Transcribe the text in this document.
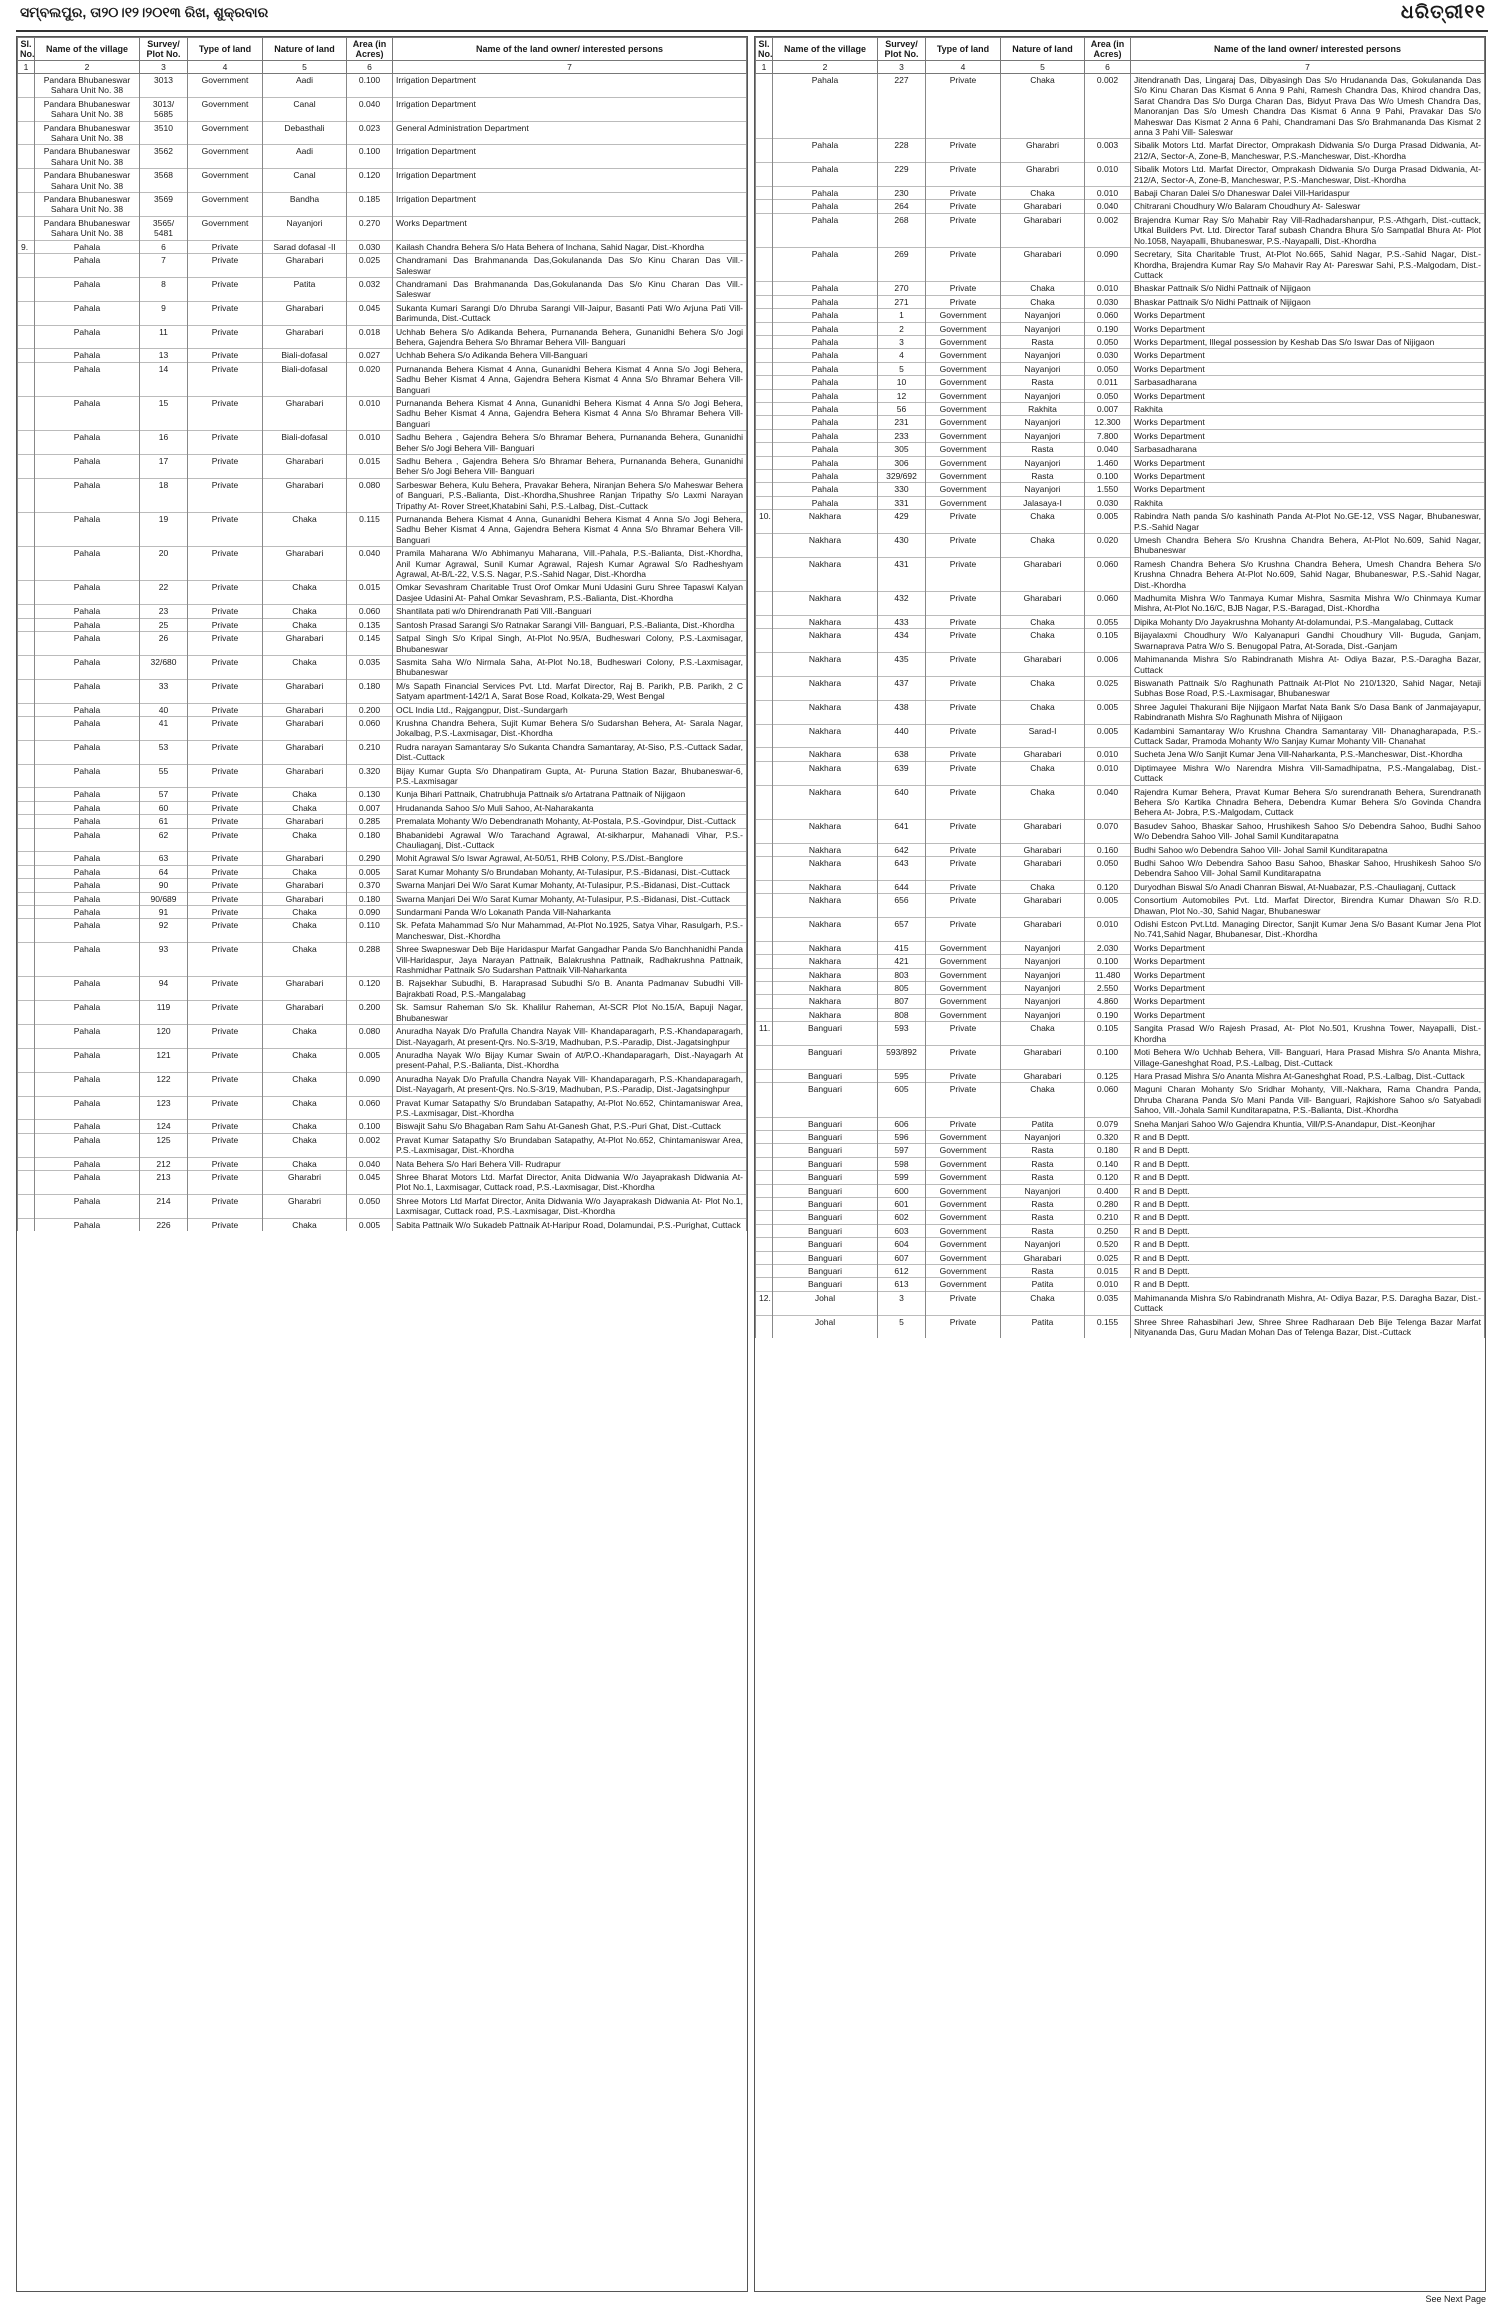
ସମ୍ବଲପୁର, ତା୨୦।୧୨।୨୦୧୩ ରିଖ, ଶୁକ୍ରବାର	ଧରିତ୍ରୀ୧୧
Sl. No.	Name of the village	Survey/ Plot No.	Type of land	Nature of land	Area (in Acres)	Name of the land owner/ interested persons
1	2	3	4	5	6	7
	Pandara Bhubaneswar Sahara Unit No. 38	3013	Government	Aadi	0.100	Irrigation Department
	Pandara Bhubaneswar Sahara Unit No. 38	3013/ 5685	Government	Canal	0.040	Irrigation Department
	Pandara Bhubaneswar Sahara Unit No. 38	3510	Government	Debasthali	0.023	General Administration Department
	Pandara Bhubaneswar Sahara Unit No. 38	3562	Government	Aadi	0.100	Irrigation Department
	Pandara Bhubaneswar Sahara Unit No. 38	3568	Government	Canal	0.120	Irrigation Department
	Pandara Bhubaneswar Sahara Unit No. 38	3569	Government	Bandha	0.185	Irrigation Department
	Pandara Bhubaneswar Sahara Unit No. 38	3565/ 5481	Government	Nayanjori	0.270	Works Department
9.	Pahala	6	Private	Sarad dofasal -II	0.030	Kailash Chandra Behera S/o Hata Behera of Inchana, Sahid Nagar, Dist.-Khordha
	Pahala	7	Private	Gharabari	0.025	Chandramani Das Brahmananda Das,Gokulananda Das S/o Kinu Charan Das Vill.-Saleswar
	Pahala	8	Private	Patita	0.032	Chandramani Das Brahmananda Das,Gokulananda Das S/o Kinu Charan Das Vill.-Saleswar
	Pahala	9	Private	Gharabari	0.045	Sukanta Kumari Sarangi D/o Dhruba Sarangi Vill-Jaipur, Basanti Pati W/o Arjuna Pati Vill-Barimunda, Dist.-Cuttack
	Pahala	11	Private	Gharabari	0.018	Uchhab Behera S/o Adikanda Behera, Purnananda Behera, Gunanidhi Behera S/o Jogi Behera, Gajendra Behera S/o Bhramar Behera Vill- Banguari
	Pahala	13	Private	Biali-dofasal	0.027	Uchhab Behera S/o Adikanda Behera Vill-Banguari
	Pahala	14	Private	Biali-dofasal	0.020	Purnananda Behera Kismat 4 Anna, Gunanidhi Behera Kismat 4 Anna S/o Jogi Behera, Sadhu Beher Kismat 4 Anna, Gajendra Behera Kismat 4 Anna S/o Bhramar Behera Vill- Banguari
	Pahala	15	Private	Gharabari	0.010	Purnananda Behera Kismat 4 Anna, Gunanidhi Behera Kismat 4 Anna S/o Jogi Behera, Sadhu Beher Kismat 4 Anna, Gajendra Behera Kismat 4 Anna S/o Bhramar Behera Vill- Banguari
	Pahala	16	Private	Biali-dofasal	0.010	Sadhu Behera , Gajendra Behera S/o Bhramar Behera, Purnananda Behera, Gunanidhi Beher S/o Jogi Behera Vill- Banguari
	Pahala	17	Private	Gharabari	0.015	Sadhu Behera , Gajendra Behera S/o Bhramar Behera, Purnananda Behera, Gunanidhi Beher S/o Jogi Behera Vill- Banguari
	Pahala	18	Private	Gharabari	0.080	Sarbeswar Behera, Kulu Behera, Pravakar Behera, Niranjan Behera S/o Maheswar Behera of Banguari, P.S.-Balianta, Dist.-Khordha,Shushree Ranjan Tripathy S/o Laxmi Narayan Tripathy At- Rover Street,Khatabini Sahi, P.S.-Lalbag, Dist.-Cuttack
	Pahala	19	Private	Chaka	0.115	Purnananda Behera Kismat 4 Anna, Gunanidhi Behera Kismat 4 Anna S/o Jogi Behera, Sadhu Beher Kismat 4 Anna, Gajendra Behera Kismat 4 Anna S/o Bhramar Behera Vill- Banguari
	Pahala	20	Private	Gharabari	0.040	Pramila Maharana W/o Abhimanyu Maharana, Vill.-Pahala, P.S.-Balianta, Dist.-Khordha, Anil Kumar Agrawal, Sunil Kumar Agrawal, Rajesh Kumar Agrawal S/o Radheshyam Agrawal, At-B/L-22, V.S.S. Nagar, P.S.-Sahid Nagar, Dist.-Khordha
	Pahala	22	Private	Chaka	0.015	Omkar Sevashram Charitable Trust Orof Omkar Muni Udasini Guru Shree Tapaswi Kalyan Dasjee Udasini At- Pahal Omkar Sevashram, P.S.-Balianta, Dist.-Khordha
	Pahala	23	Private	Chaka	0.060	Shantilata pati w/o Dhirendranath Pati Vill.-Banguari
	Pahala	25	Private	Chaka	0.135	Santosh Prasad Sarangi S/o Ratnakar Sarangi Vill- Banguari, P.S.-Balianta, Dist.-Khordha
	Pahala	26	Private	Gharabari	0.145	Satpal Singh S/o Kripal Singh, At-Plot No.95/A, Budheswari Colony, P.S.-Laxmisagar, Bhubaneswar
	Pahala	32/680	Private	Chaka	0.035	Sasmita Saha W/o Nirmala Saha, At-Plot No.18, Budheswari Colony, P.S.-Laxmisagar, Bhubaneswar
	Pahala	33	Private	Gharabari	0.180	M/s Sapath Financial Services Pvt. Ltd. Marfat Director, Raj B. Parikh, P.B. Parikh, 2 C Satyam apartment-142/1 A, Sarat Bose Road, Kolkata-29, West Bengal
	Pahala	40	Private	Gharabari	0.200	OCL India Ltd., Rajgangpur, Dist.-Sundargarh
	Pahala	41	Private	Gharabari	0.060	Krushna Chandra Behera, Sujit Kumar Behera S/o Sudarshan Behera, At- Sarala Nagar, Jokalbag, P.S.-Laxmisagar, Dist.-Khordha
	Pahala	53	Private	Gharabari	0.210	Rudra narayan Samantaray S/o Sukanta Chandra Samantaray, At-Siso, P.S.-Cuttack Sadar, Dist.-Cuttack
	Pahala	55	Private	Gharabari	0.320	Bijay Kumar Gupta S/o Dhanpatiram Gupta, At- Puruna Station Bazar, Bhubaneswar-6, P.S.-Laxmisagar
	Pahala	57	Private	Chaka	0.130	Kunja Bihari Pattnaik, Chatrubhuja Pattnaik s/o Artatrana Pattnaik of Nijigaon
	Pahala	60	Private	Chaka	0.007	Hrudananda Sahoo S/o Muli Sahoo, At-Naharakanta
	Pahala	61	Private	Gharabari	0.285	Premalata Mohanty W/o Debendranath Mohanty, At-Postala, P.S.-Govindpur, Dist.-Cuttack
	Pahala	62	Private	Chaka	0.180	Bhabanidebi Agrawal W/o Tarachand Agrawal, At-sikharpur, Mahanadi Vihar, P.S.-Chauliaganj, Dist.-Cuttack
	Pahala	63	Private	Gharabari	0.290	Mohit Agrawal S/o Iswar Agrawal, At-50/51, RHB Colony, P.S./Dist.-Banglore
	Pahala	64	Private	Chaka	0.005	Sarat Kumar Mohanty S/o Brundaban Mohanty, At-Tulasipur, P.S.-Bidanasi, Dist.-Cuttack
	Pahala	90	Private	Gharabari	0.370	Swarna Manjari Dei W/o Sarat Kumar Mohanty, At-Tulasipur, P.S.-Bidanasi, Dist.-Cuttack
	Pahala	90/689	Private	Gharabari	0.180	Swarna Manjari Dei W/o Sarat Kumar Mohanty, At-Tulasipur, P.S.-Bidanasi, Dist.-Cuttack
	Pahala	91	Private	Chaka	0.090	Sundarmani Panda W/o Lokanath Panda Vill-Naharkanta
	Pahala	92	Private	Chaka	0.110	Sk. Pefata Mahammad S/o Nur Mahammad, At-Plot No.1925, Satya Vihar, Rasulgarh, P.S.-Mancheswar, Dist.-Khordha
	Pahala	93	Private	Chaka	0.288	Shree Swapneswar Deb Bije Haridaspur Marfat Gangadhar Panda S/o Banchhanidhi Panda Vill-Haridaspur, Jaya Narayan Pattnaik, Balakrushna Pattnaik, Radhakrushna Pattnaik, Rashmidhar Pattnaik S/o Sudarshan Pattnaik Vill-Naharkanta
	Pahala	94	Private	Gharabari	0.120	B. Rajsekhar Subudhi, B. Haraprasad Subudhi S/o B. Ananta Padmanav Subudhi Vill-Bajrakbati Road, P.S.-Mangalabag
	Pahala	119	Private	Gharabari	0.200	Sk. Samsur Raheman S/o Sk. Khalilur Raheman, At-SCR Plot No.15/A, Bapuji Nagar, Bhubaneswar
	Pahala	120	Private	Chaka	0.080	Anuradha Nayak D/o Prafulla Chandra Nayak Vill- Khandaparagarh, P.S.-Khandaparagarh, Dist.-Nayagarh, At present-Qrs. No.S-3/19, Madhuban, P.S.-Paradip, Dist.-Jagatsinghpur
	Pahala	121	Private	Chaka	0.005	Anuradha Nayak W/o Bijay Kumar Swain of At/P.O.-Khandaparagarh, Dist.-Nayagarh At present-Pahal, P.S.-Balianta, Dist.-Khordha
	Pahala	122	Private	Chaka	0.090	Anuradha Nayak D/o Prafulla Chandra Nayak Vill- Khandaparagarh, P.S.-Khandaparagarh, Dist.-Nayagarh, At present-Qrs. No.S-3/19, Madhuban, P.S.-Paradip, Dist.-Jagatsinghpur
	Pahala	123	Private	Chaka	0.060	Pravat Kumar Satapathy S/o Brundaban Satapathy, At-Plot No.652, Chintamaniswar Area, P.S.-Laxmisagar, Dist.-Khordha
	Pahala	124	Private	Chaka	0.100	Biswajit Sahu S/o Bhagaban Ram Sahu At-Ganesh Ghat, P.S.-Puri Ghat, Dist.-Cuttack
	Pahala	125	Private	Chaka	0.002	Pravat Kumar Satapathy S/o Brundaban Satapathy, At-Plot No.652, Chintamaniswar Area, P.S.-Laxmisagar, Dist.-Khordha
	Pahala	212	Private	Chaka	0.040	Nata Behera S/o Hari Behera Vill- Rudrapur
	Pahala	213	Private	Gharabri	0.045	Shree Bharat Motors Ltd. Marfat Director, Anita Didwania W/o Jayaprakash Didwania At- Plot No.1, Laxmisagar, Cuttack road, P.S.-Laxmisagar, Dist.-Khordha
	Pahala	214	Private	Gharabri	0.050	Shree Motors Ltd Marfat Director, Anita Didwania W/o Jayaprakash Didwania At- Plot No.1, Laxmisagar, Cuttack road, P.S.-Laxmisagar, Dist.-Khordha
	Pahala	226	Private	Chaka	0.005	Sabita Pattnaik W/o Sukadeb Pattnaik At-Haripur Road, Dolamundai, P.S.-Purighat, Cuttack
Sl. No.	Name of the village	Survey/ Plot No.	Type of land	Nature of land	Area (in Acres)	Name of the land owner/ interested persons
1	2	3	4	5	6	7
	Pahala	227	Private	Chaka	0.002	Jitendranath Das, Lingaraj Das, Dibyasingh Das S/o Hrudananda Das, Gokulananda Das S/o Kinu Charan Das Kismat 6 Anna 9 Pahi, Ramesh Chandra Das, Khirod chandra Das, Sarat Chandra Das S/o Durga Charan Das, Bidyut Prava Das W/o Umesh Chandra Das, Manoranjan Das S/o Umesh Chandra Das Kismat 6 Anna 9 Pahi, Pravakar Das S/o Maheswar Das Kismat 2 Anna 6 Pahi, Chandramani Das S/o Brahmananda Das Kismat 2 anna 3 Pahi Vill- Saleswar
	Pahala	228	Private	Gharabri	0.003	Sibalik Motors Ltd. Marfat Director, Omprakash Didwania S/o Durga Prasad Didwania, At-212/A, Sector-A, Zone-B, Mancheswar, P.S.-Mancheswar, Dist.-Khordha
	Pahala	229	Private	Gharabri	0.010	Sibalik Motors Ltd. Marfat Director, Omprakash Didwania S/o Durga Prasad Didwania, At-212/A, Sector-A, Zone-B, Mancheswar, P.S.-Mancheswar, Dist.-Khordha
	Pahala	230	Private	Chaka	0.010	Babaji Charan Dalei S/o Dhaneswar Dalei Vill-Haridaspur
	Pahala	264	Private	Gharabari	0.040	Chitrarani Choudhury W/o Balaram Choudhury At- Saleswar
	Pahala	268	Private	Gharabari	0.002	Brajendra Kumar Ray S/o Mahabir Ray Vill-Radhadarshanpur, P.S.-Athgarh, Dist.-cuttack, Utkal Builders Pvt. Ltd. Director Taraf subash Chandra Bhura S/o Sampatlal Bhura At- Plot No.1058, Nayapalli, Bhubaneswar, P.S.-Nayapalli, Dist.-Khordha
	Pahala	269	Private	Gharabari	0.090	Secretary, Sita Charitable Trust, At-Plot No.665, Sahid Nagar, P.S.-Sahid Nagar, Dist.-Khordha, Brajendra Kumar Ray S/o Mahavir Ray At- Pareswar Sahi, P.S.-Malgodam, Dist.-Cuttack
	Pahala	270	Private	Chaka	0.010	Bhaskar Pattnaik S/o Nidhi Pattnaik of Nijigaon
	Pahala	271	Private	Chaka	0.030	Bhaskar Pattnaik S/o Nidhi Pattnaik of Nijigaon
	Pahala	1	Government	Nayanjori	0.060	Works Department
	Pahala	2	Government	Nayanjori	0.190	Works Department
	Pahala	3	Government	Rasta	0.050	Works Department, Illegal possession by Keshab Das S/o Iswar Das of Nijigaon
	Pahala	4	Government	Nayanjori	0.030	Works Department
	Pahala	5	Government	Nayanjori	0.050	Works Department
	Pahala	10	Government	Rasta	0.011	Sarbasadharana
	Pahala	12	Government	Nayanjori	0.050	Works Department
	Pahala	56	Government	Rakhita	0.007	Rakhita
	Pahala	231	Government	Nayanjori	12.300	Works Department
	Pahala	233	Government	Nayanjori	7.800	Works Department
	Pahala	305	Government	Rasta	0.040	Sarbasadharana
	Pahala	306	Government	Nayanjori	1.460	Works Department
	Pahala	329/692	Government	Rasta	0.100	Works Department
	Pahala	330	Government	Nayanjori	1.550	Works Department
	Pahala	331	Government	Jalasaya-I	0.030	Rakhita
10.	Nakhara	429	Private	Chaka	0.005	Rabindra Nath panda S/o kashinath Panda At-Plot No.GE-12, VSS Nagar, Bhubaneswar, P.S.-Sahid Nagar
	Nakhara	430	Private	Chaka	0.020	Umesh Chandra Behera S/o Krushna Chandra Behera, At-Plot No.609, Sahid Nagar, Bhubaneswar
	Nakhara	431	Private	Gharabari	0.060	Ramesh Chandra Behera S/o Krushna Chandra Behera, Umesh Chandra Behera S/o Krushna Chnadra Behera At-Plot No.609, Sahid Nagar, Bhubaneswar, P.S.-Sahid Nagar, Dist.-Khordha
	Nakhara	432	Private	Gharabari	0.060	Madhumita Mishra W/o Tanmaya Kumar Mishra, Sasmita Mishra W/o Chinmaya Kumar Mishra, At-Plot No.16/C, BJB Nagar, P.S.-Baragad, Dist.-Khordha
	Nakhara	433	Private	Chaka	0.055	Dipika Mohanty D/o Jayakrushna Mohanty At-dolamundai, P.S.-Mangalabag, Cuttack
	Nakhara	434	Private	Chaka	0.105	Bijayalaxmi Choudhury W/o Kalyanapuri Gandhi Choudhury Vill- Buguda, Ganjam, Swarnaprava Patra W/o S. Benugopal Patra, At-Sorada, Dist.-Ganjam
	Nakhara	435	Private	Gharabari	0.006	Mahimananda Mishra S/o Rabindranath Mishra At- Odiya Bazar, P.S.-Daragha Bazar, Cuttack
	Nakhara	437	Private	Chaka	0.025	Biswanath Pattnaik S/o Raghunath Pattnaik At-Plot No 210/1320, Sahid Nagar, Netaji Subhas Bose Road, P.S.-Laxmisagar, Bhubaneswar
	Nakhara	438	Private	Chaka	0.005	Shree Jagulei Thakurani Bije Nijigaon Marfat Nata Bank S/o Dasa Bank of Janmajayapur, Rabindranath Mishra S/o Raghunath Mishra of Nijigaon
	Nakhara	440	Private	Sarad-I	0.005	Kadambini Samantaray W/o Krushna Chandra Samantaray Vill- Dhanagharapada, P.S.-Cuttack Sadar, Pramoda Mohanty W/o Sanjay Kumar Mohanty Vill- Chanahat
	Nakhara	638	Private	Gharabari	0.010	Sucheta Jena W/o Sanjit Kumar Jena Vill-Naharkanta, P.S.-Mancheswar, Dist.-Khordha
	Nakhara	639	Private	Chaka	0.010	Diptimayee Mishra W/o Narendra Mishra Vill-Samadhipatna, P.S.-Mangalabag, Dist.-Cuttack
	Nakhara	640	Private	Chaka	0.040	Rajendra Kumar Behera, Pravat Kumar Behera S/o surendranath Behera, Surendranath Behera S/o Kartika Chnadra Behera, Debendra Kumar Behera S/o Govinda Chandra Behera At- Jobra, P.S.-Malgodam, Cuttack
	Nakhara	641	Private	Gharabari	0.070	Basudev Sahoo, Bhaskar Sahoo, Hrushikesh Sahoo S/o Debendra Sahoo, Budhi Sahoo W/o Debendra Sahoo Vill- Johal Samil Kunditarapatna
	Nakhara	642	Private	Gharabari	0.160	Budhi Sahoo w/o Debendra Sahoo Vill- Johal Samil Kunditarapatna
	Nakhara	643	Private	Gharabari	0.050	Budhi Sahoo W/o Debendra Sahoo Basu Sahoo, Bhaskar Sahoo, Hrushikesh Sahoo S/o Debendra Sahoo Vill- Johal Samil Kunditarapatna
	Nakhara	644	Private	Chaka	0.120	Duryodhan Biswal S/o Anadi Chanran Biswal, At-Nuabazar, P.S.-Chauliaganj, Cuttack
	Nakhara	656	Private	Gharabari	0.005	Consortium Automobiles Pvt. Ltd. Marfat Director, Birendra Kumar Dhawan S/o R.D. Dhawan, Plot No.-30, Sahid Nagar, Bhubaneswar
	Nakhara	657	Private	Gharabari	0.010	Odishi Estcon Pvt.Ltd. Managing Director, Sanjit Kumar Jena S/o Basant Kumar Jena Plot No.741,Sahid Nagar, Bhubanesar, Dist.-Khordha
	Nakhara	415	Government	Nayanjori	2.030	Works Department
	Nakhara	421	Government	Nayanjori	0.100	Works Department
	Nakhara	803	Government	Nayanjori	11.480	Works Department
	Nakhara	805	Government	Nayanjori	2.550	Works Department
	Nakhara	807	Government	Nayanjori	4.860	Works Department
	Nakhara	808	Government	Nayanjori	0.190	Works Department
11.	Banguari	593	Private	Chaka	0.105	Sangita Prasad W/o Rajesh Prasad, At- Plot No.501, Krushna Tower, Nayapalli, Dist.-Khordha
	Banguari	593/892	Private	Gharabari	0.100	Moti Behera W/o Uchhab Behera, Vill- Banguari, Hara Prasad Mishra S/o Ananta Mishra, Village-Ganeshghat Road, P.S.-Lalbag, Dist.-Cuttack
	Banguari	595	Private	Gharabari	0.125	Hara Prasad Mishra S/o Ananta Mishra At-Ganeshghat Road, P.S.-Lalbag, Dist.-Cuttack
	Banguari	605	Private	Chaka	0.060	Maguni Charan Mohanty S/o Sridhar Mohanty, Vill.-Nakhara, Rama Chandra Panda, Dhruba Charana Panda S/o Mani Panda Vill- Banguari, Rajkishore Sahoo s/o Satyabadi Sahoo, Vill.-Johala Samil Kunditarapatna, P.S.-Balianta, Dist.-Khordha
	Banguari	606	Private	Patita	0.079	Sneha Manjari Sahoo W/o Gajendra Khuntia, Vill/P.S-Anandapur, Dist.-Keonjhar
	Banguari	596	Government	Nayanjori	0.320	R and B Deptt.
	Banguari	597	Government	Rasta	0.180	R and B Deptt.
	Banguari	598	Government	Rasta	0.140	R and B Deptt.
	Banguari	599	Government	Rasta	0.120	R and B Deptt.
	Banguari	600	Government	Nayanjori	0.400	R and B Deptt.
	Banguari	601	Government	Rasta	0.280	R and B Deptt.
	Banguari	602	Government	Rasta	0.210	R and B Deptt.
	Banguari	603	Government	Rasta	0.250	R and B Deptt.
	Banguari	604	Government	Nayanjori	0.520	R and B Deptt.
	Banguari	607	Government	Gharabari	0.025	R and B Deptt.
	Banguari	612	Government	Rasta	0.015	R and B Deptt.
	Banguari	613	Government	Patita	0.010	R and B Deptt.
12.	Johal	3	Private	Chaka	0.035	Mahimananda Mishra S/o Rabindranath Mishra, At- Odiya Bazar, P.S. Daragha Bazar, Dist.-Cuttack
	Johal	5	Private	Patita	0.155	Shree Shree Rahasbihari Jew, Shree Shree Radharaan Deb Bije Telenga Bazar Marfat Nityananda Das, Guru Madan Mohan Das of Telenga Bazar, Dist.-Cuttack
See Next Page
